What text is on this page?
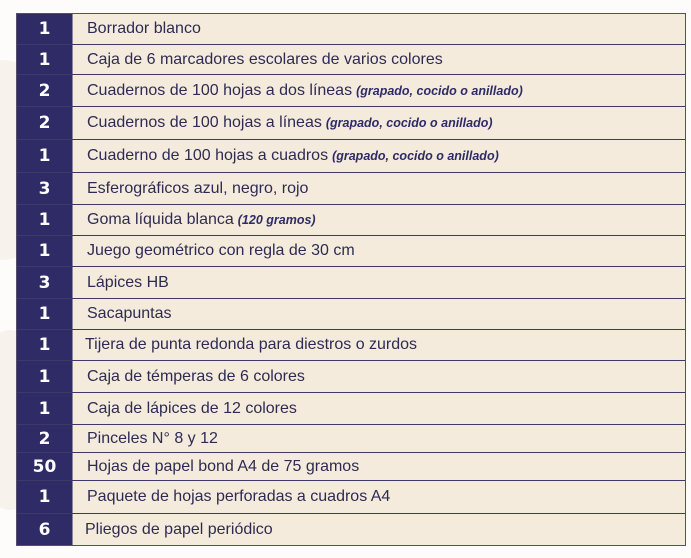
1	Borrador blanco
1	Caja de 6 marcadores escolares de varios colores
2	Cuadernos de 100 hojas a dos líneas (grapado, cocido o anillado)
2	Cuadernos de 100 hojas a líneas (grapado, cocido o anillado)
1	Cuaderno de 100 hojas a cuadros (grapado, cocido o anillado)
3	Esferográficos azul, negro, rojo
1	Goma líquida blanca (120 gramos)
1	Juego geométrico con regla de 30 cm
3	Lápices HB
1	Sacapuntas
1	Tijera de punta redonda para diestros o zurdos
1	Caja de témperas de 6 colores
1	Caja de lápices de 12 colores
2	Pinceles N° 8 y 12
50	Hojas de papel bond A4 de 75 gramos
1	Paquete de hojas perforadas a cuadros A4
6	Pliegos de papel periódico
